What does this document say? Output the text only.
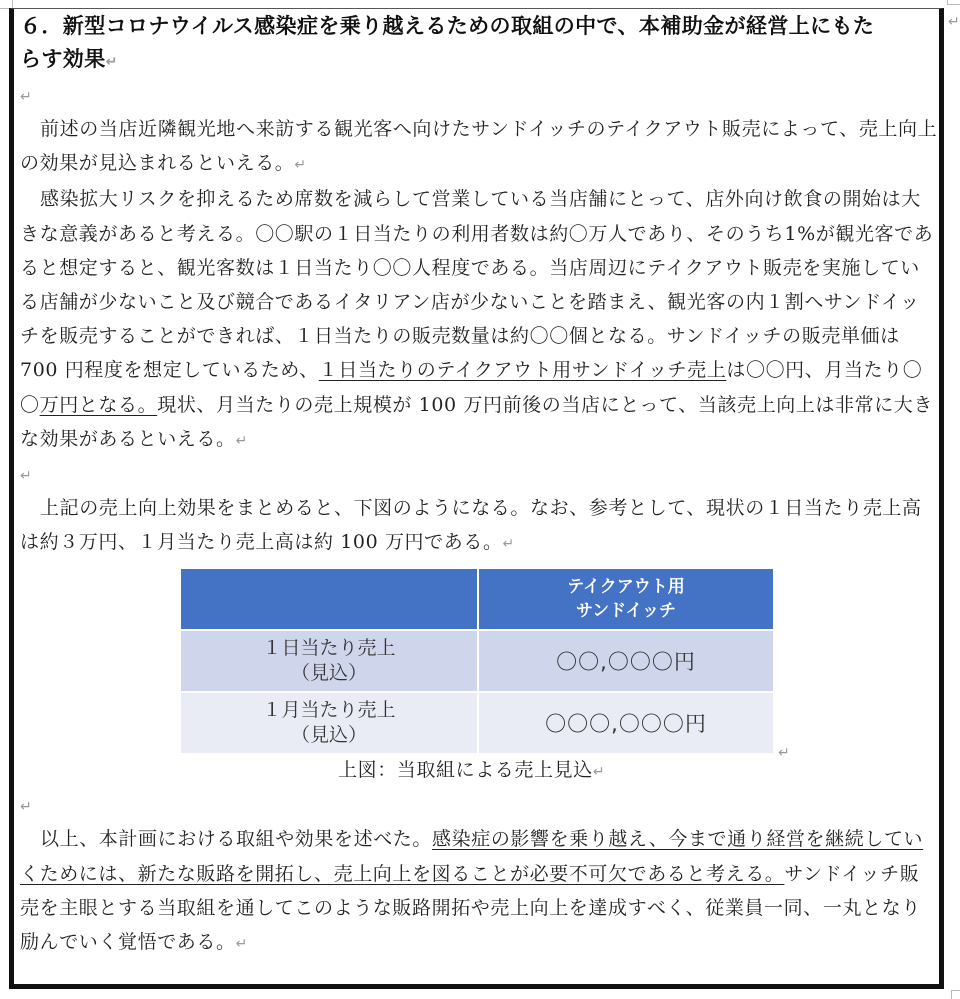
↵
６．新型コロナウイルス感染症を乗り越えるための取組の中で、本補助金が経営上にもた
らす効果↵
↵

前述の当店近隣観光地へ来訪する観光客へ向けたサンドイッチのテイクアウト販売によって、売上向上の効果が見込まれるといえる。↵

感染拡大リスクを抑えるため席数を減らして営業している当店舗にとって、店外向け飲食の開始は大きな意義があると考える。〇〇駅の１日当たりの利用者数は約〇万人であり、そのうち1%が観光客であると想定すると、観光客数は１日当たり〇〇人程度である。当店周辺にテイクアウト販売を実施している店舗が少ないこと及び競合であるイタリアン店が少ないことを踏まえ、観光客の内１割へサンドイッチを販売することができれば、１日当たりの販売数量は約〇〇個となる。サンドイッチの販売単価は 700 円程度を想定しているため、１日当たりのテイクアウト用サンドイッチ売上は〇〇円、月当たり〇〇万円となる。現状、月当たりの売上規模が 100 万円前後の当店にとって、当該売上向上は非常に大きな効果があるといえる。↵

↵

上記の売上向上効果をまとめると、下図のようになる。なお、参考として、現状の１日当たり売上高は約３万円、１月当たり売上高は約 100 万円である。↵

	テイクアウト用
サンドイッチ
１日当たり売上
（見込）	〇〇,〇〇〇円
１月当たり売上
（見込）	〇〇〇,〇〇〇円
↵

上図：当取組による売上見込↵

↵

以上、本計画における取組や効果を述べた。感染症の影響を乗り越え、今まで通り経営を継続していくためには、新たな販路を開拓し、売上向上を図ることが必要不可欠であると考える。サンドイッチ販売を主眼とする当取組を通してこのような販路開拓や売上向上を達成すべく、従業員一同、一丸となり励んでいく覚悟である。↵
